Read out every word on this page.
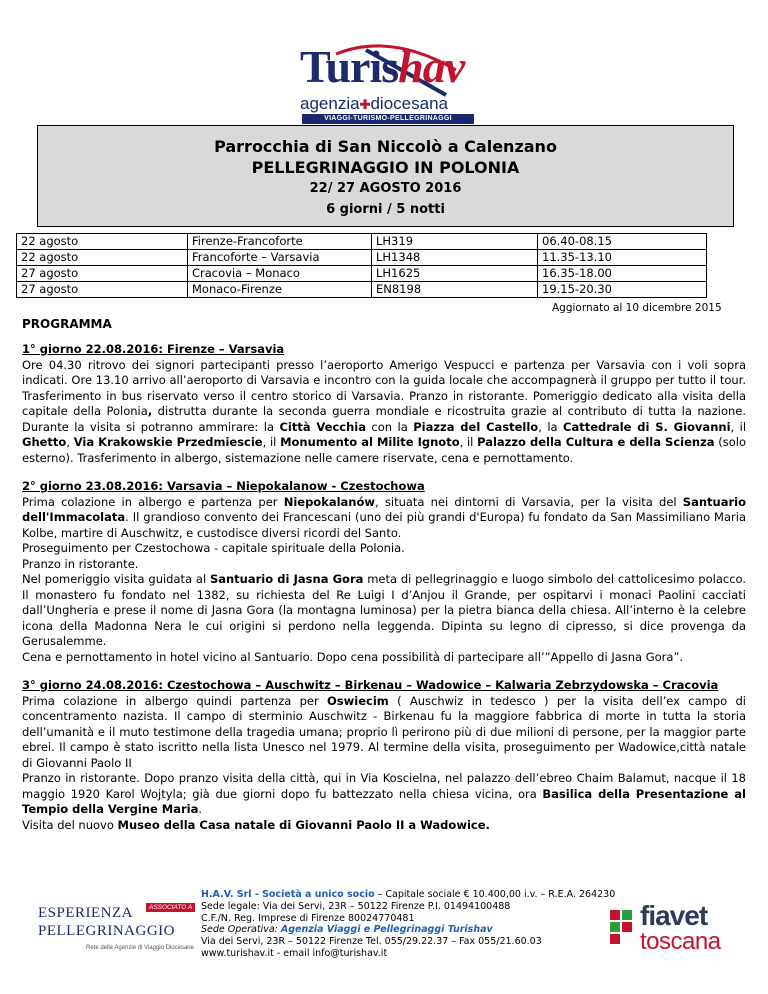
Turishav
agenzia✚diocesana
VIAGGI-TURISMO-PELLEGRINAGGI
Parrocchia di San Niccolò a Calenzano
PELLEGRINAGGIO IN POLONIA
22/ 27 AGOSTO 2016
6 giorni / 5 notti
22 agosto	Firenze-Francoforte	LH319	06.40-08.15
22 agosto	Francoforte – Varsavia	LH1348	11.35-13.10
27 agosto	Cracovia – Monaco	LH1625	16.35-18.00
27 agosto	Monaco-Firenze	EN8198	19.15-20.30
Aggiornato al 10 dicembre 2015
PROGRAMMA

1° giorno 22.08.2016: Firenze – Varsavia

Ore 04.30 ritrovo dei signori partecipanti presso l’aeroporto Amerigo Vespucci e partenza per Varsavia con i voli sopra indicati. Ore 13.10 arrivo all’aeroporto di Varsavia e incontro con la guida locale che accompagnerà il gruppo per tutto il tour. Trasferimento in bus riservato verso il centro storico di Varsavia. Pranzo in ristorante. Pomeriggio dedicato alla visita della capitale della Polonia, distrutta durante la seconda guerra mondiale e ricostruita grazie al contributo di tutta la nazione. Durante la visita si potranno ammirare: la Città Vecchia con la Piazza del Castello, la Cattedrale di S. Giovanni, il Ghetto, Via Krakowskie Przedmiescie, il Monumento al Milite Ignoto, il Palazzo della Cultura e della Scienza (solo esterno). Trasferimento in albergo, sistemazione nelle camere riservate, cena e pernottamento.

2° giorno 23.08.2016: Varsavia – Niepokalanow - Czestochowa

Prima colazione in albergo e partenza per Niepokalanów, situata nei dintorni di Varsavia, per la visita del Santuario dell'Immacolata. Il grandioso convento dei Francescani (uno dei più grandi d'Europa) fu fondato da San Massimiliano Maria Kolbe, martire di Auschwitz, e custodisce diversi ricordi del Santo.

Proseguimento per Czestochowa - capitale spirituale della Polonia.

Pranzo in ristorante.

Nel pomeriggio visita guidata al Santuario di Jasna Gora meta di pellegrinaggio e luogo simbolo del cattolicesimo polacco. Il monastero fu fondato nel 1382, su richiesta del Re Luigi I d’Anjou il Grande, per ospitarvi i monaci Paolini cacciati dall’Ungheria e prese il nome di Jasna Gora (la montagna luminosa) per la pietra bianca della chiesa. All’interno è la celebre icona della Madonna Nera le cui origini si perdono nella leggenda. Dipinta su legno di cipresso, si dice provenga da Gerusalemme.

Cena e pernottamento in hotel vicino al Santuario. Dopo cena possibilità di partecipare all’”Appello di Jasna Gora”.

3° giorno 24.08.2016: Czestochowa – Auschwitz – Birkenau – Wadowice – Kalwaria Zebrzydowska – Cracovia

Prima colazione in albergo quindi partenza per Oswiecim ( Auschwiz in tedesco ) per la visita dell’ex campo di concentramento nazista. Il campo di sterminio Auschwitz - Birkenau fu la maggiore fabbrica di morte in tutta la storia dell’umanità e il muto testimone della tragedia umana; proprio lì perirono più di due milioni di persone, per la maggior parte ebrei. Il campo è stato iscritto nella lista Unesco nel 1979. Al termine della visita, proseguimento per Wadowice,città natale di Giovanni Paolo II

Pranzo in ristorante. Dopo pranzo visita della città, qui in Via Koscielna, nel palazzo dell’ebreo Chaim Balamut, nacque il 18 maggio 1920 Karol Wojtyla; già due giorni dopo fu battezzato nella chiesa vicina, ora Basilica della Presentazione al Tempio della Vergine Maria.

Visita del nuovo Museo della Casa natale di Giovanni Paolo II a Wadowice.

ESPERIENZA
PELLEGRINAGGIO
ASSOCIATO A
Rete delle Agenzie di Viaggio Diocesane
H.A.V. Srl - Società a unico socio – Capitale sociale € 10.400,00 i.v. – R.E.A. 264230
Sede legale: Via dei Servi, 23R – 50122 Firenze P.I. 01494100488
C.F./N. Reg. Imprese di Firenze 80024770481
Sede Operativa: Agenzia Viaggi e Pellegrinaggi Turishav
Via dei Servi, 23R – 50122 Firenze Tel. 055/29.22.37 – Fax 055/21.60.03
www.turishav.it - email info@turishav.it
fiavet
toscana
